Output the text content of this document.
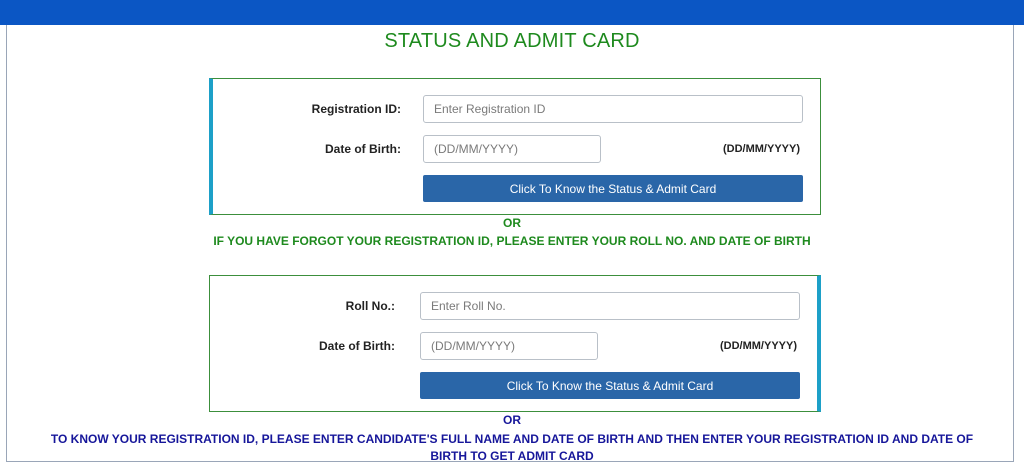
STATUS AND ADMIT CARD
Registration ID:
Enter Registration ID
Date of Birth:
(DD/MM/YYYY)	(DD/MM/YYYY)
Click To Know the Status & Admit Card
OR
IF YOU HAVE FORGOT YOUR REGISTRATION ID, PLEASE ENTER YOUR ROLL NO. AND DATE OF BIRTH
Roll No.:
Enter Roll No.
Date of Birth:
(DD/MM/YYYY)	(DD/MM/YYYY)
Click To Know the Status & Admit Card
OR
TO KNOW YOUR REGISTRATION ID, PLEASE ENTER CANDIDATE'S FULL NAME AND DATE OF BIRTH AND THEN ENTER YOUR REGISTRATION ID AND DATE OF BIRTH TO GET ADMIT CARD
